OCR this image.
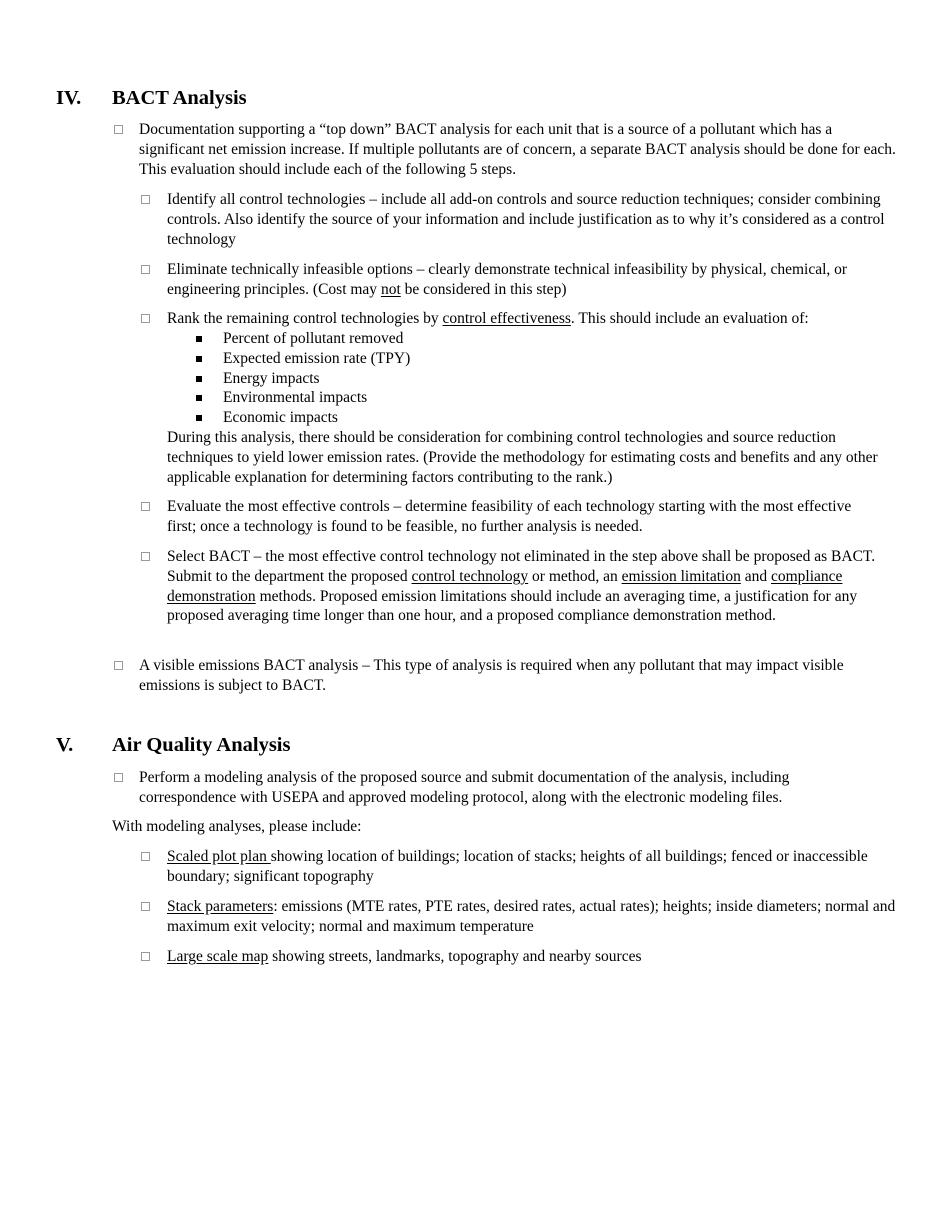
IV. BACT Analysis
Documentation supporting a “top down” BACT analysis for each unit that is a source of a pollutant which has a significant net emission increase. If multiple pollutants are of concern, a separate BACT analysis should be done for each. This evaluation should include each of the following 5 steps.
Identify all control technologies – include all add-on controls and source reduction techniques; consider combining controls. Also identify the source of your information and include justification as to why it’s considered as a control technology
Eliminate technically infeasible options – clearly demonstrate technical infeasibility by physical, chemical, or engineering principles. (Cost may not be considered in this step)
Rank the remaining control technologies by control effectiveness. This should include an evaluation of:
Percent of pollutant removed
Expected emission rate (TPY)
Energy impacts
Environmental impacts
Economic impacts
During this analysis, there should be consideration for combining control technologies and source reduction techniques to yield lower emission rates. (Provide the methodology for estimating costs and benefits and any other applicable explanation for determining factors contributing to the rank.)
Evaluate the most effective controls – determine feasibility of each technology starting with the most effective first; once a technology is found to be feasible, no further analysis is needed.
Select BACT – the most effective control technology not eliminated in the step above shall be proposed as BACT. Submit to the department the proposed control technology or method, an emission limitation and compliance demonstration methods. Proposed emission limitations should include an averaging time, a justification for any proposed averaging time longer than one hour, and a proposed compliance demonstration method.
A visible emissions BACT analysis – This type of analysis is required when any pollutant that may impact visible emissions is subject to BACT.
V. Air Quality Analysis
Perform a modeling analysis of the proposed source and submit documentation of the analysis, including correspondence with USEPA and approved modeling protocol, along with the electronic modeling files.
With modeling analyses, please include:
Scaled plot plan showing location of buildings; location of stacks; heights of all buildings; fenced or inaccessible boundary; significant topography
Stack parameters: emissions (MTE rates, PTE rates, desired rates, actual rates); heights; inside diameters; normal and maximum exit velocity; normal and maximum temperature
Large scale map showing streets, landmarks, topography and nearby sources
